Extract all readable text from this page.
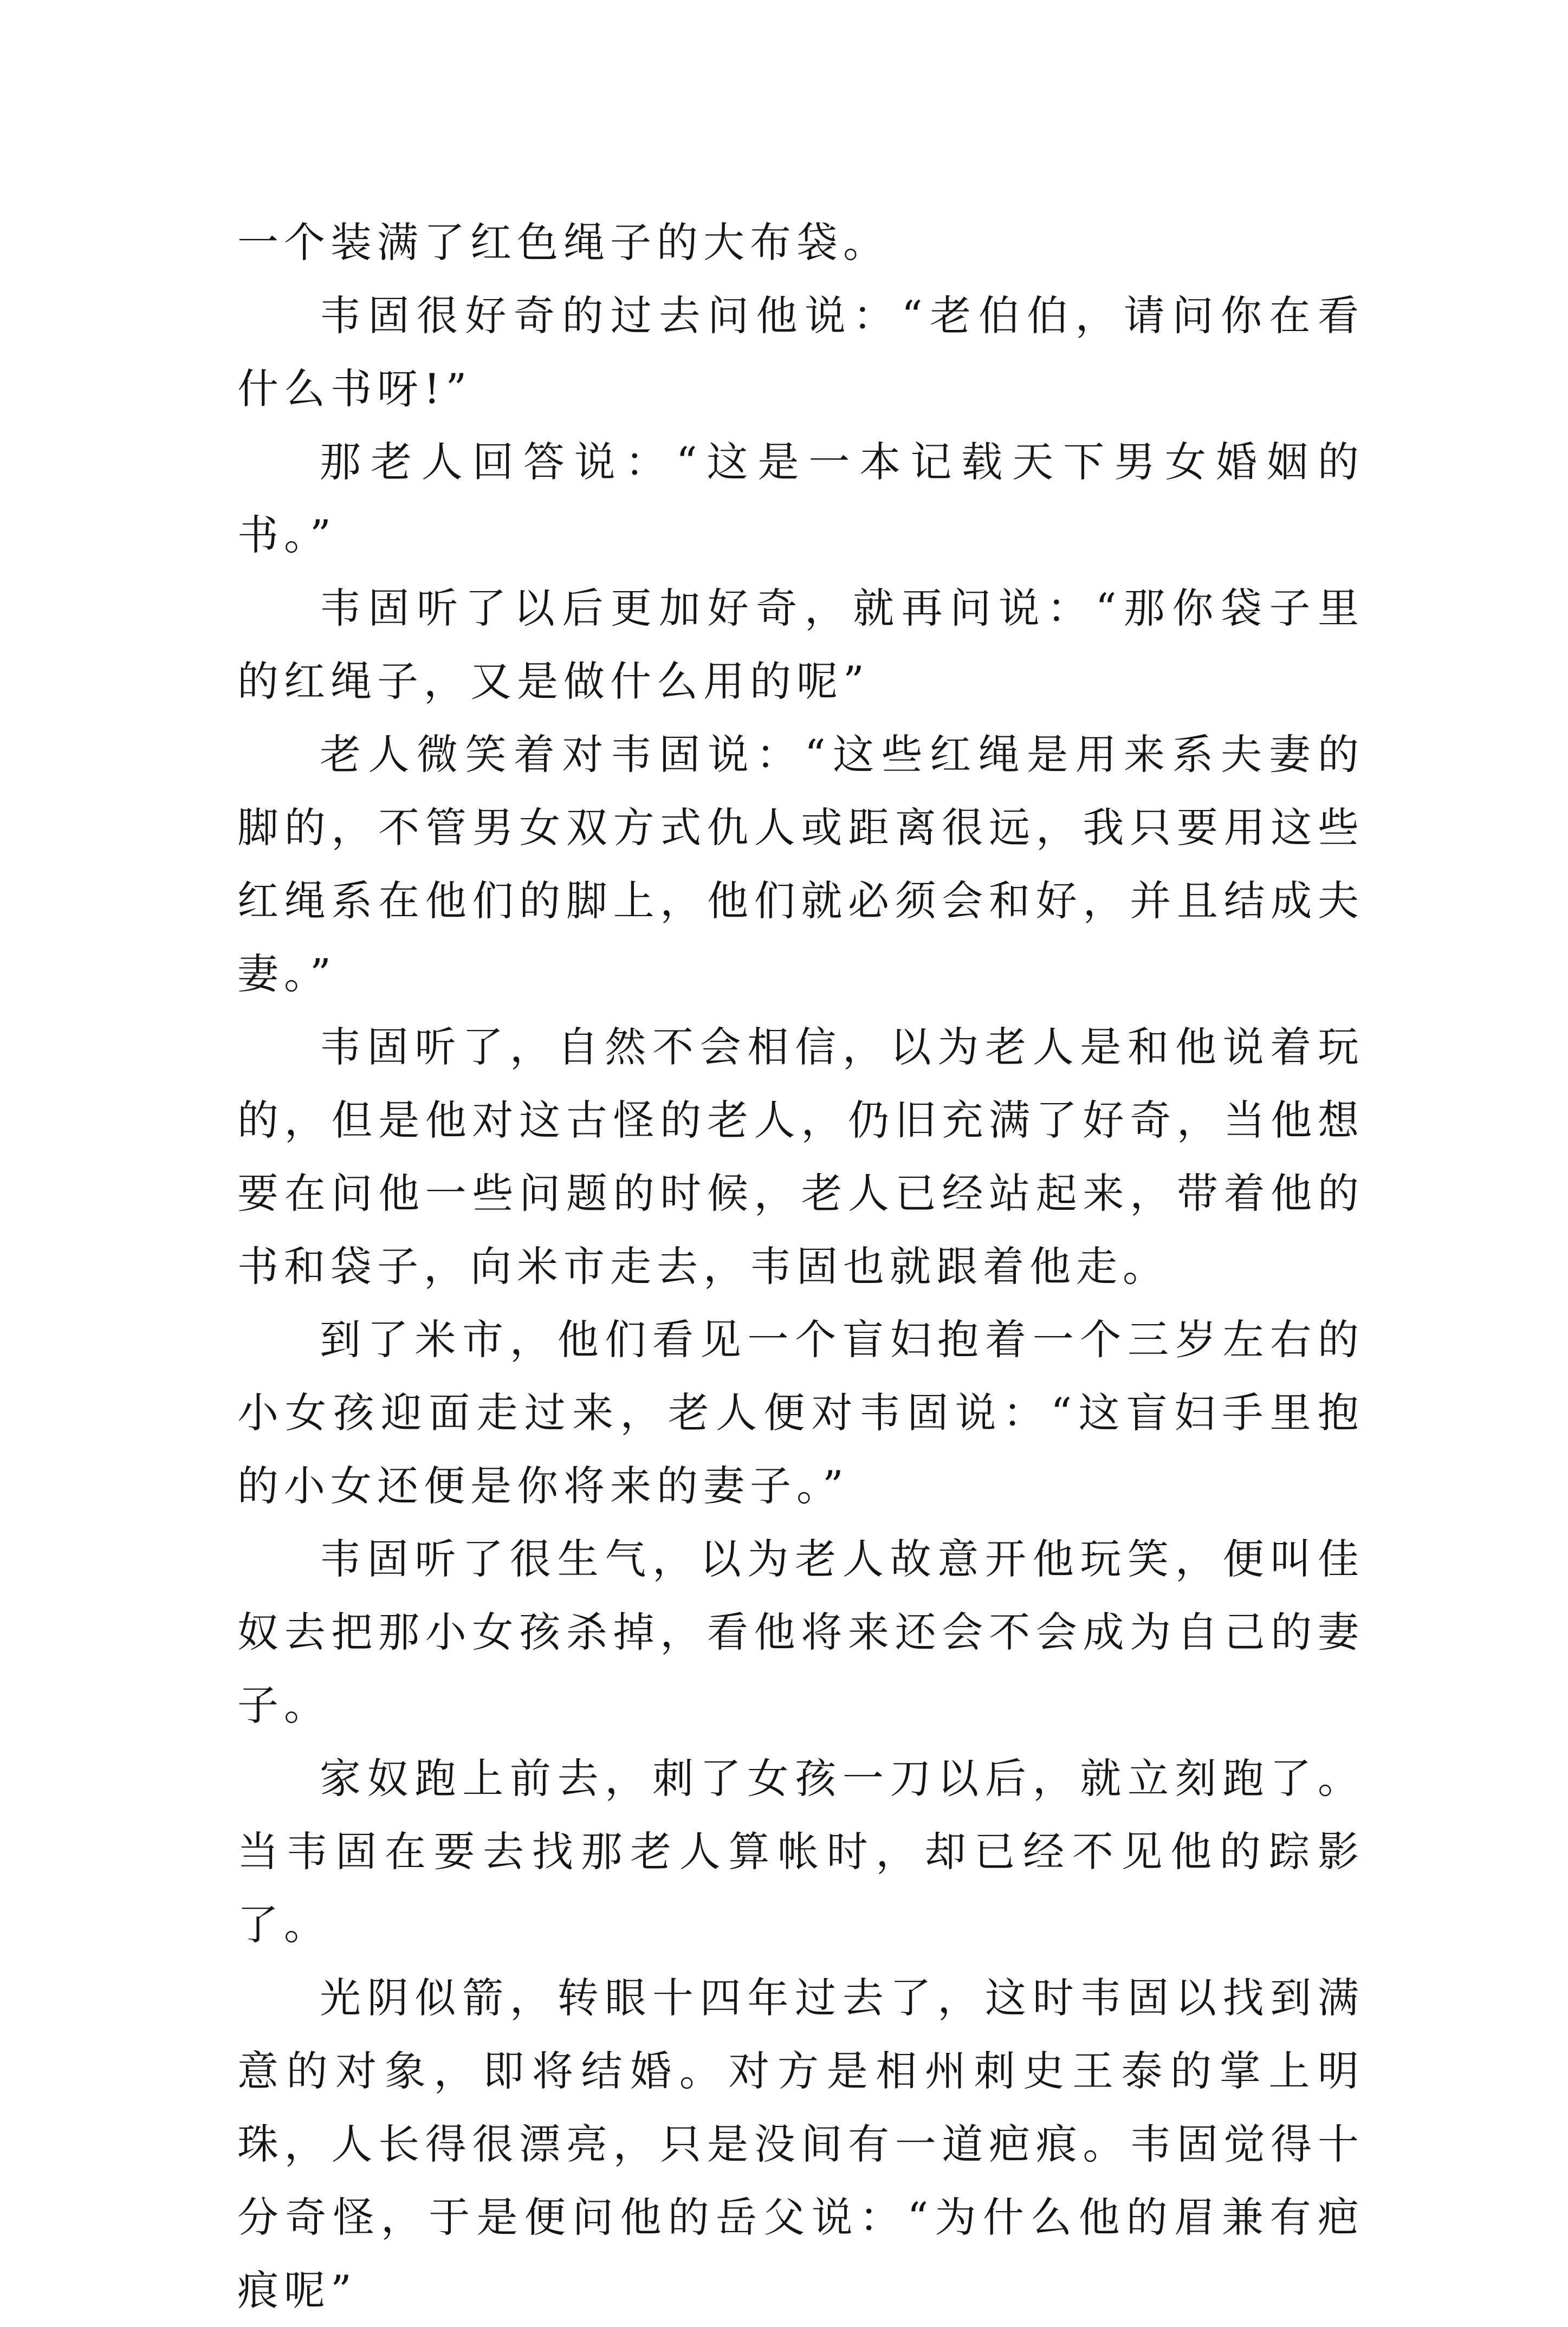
一个装满了红色绳子的大布袋。

韦固很好奇的过去问他说：“老伯伯，请问你在看什么书呀!”

那老人回答说：“这是一本记载天下男女婚姻的书。”

韦固听了以后更加好奇，就再问说：“那你袋子里的红绳子，又是做什么用的呢”

老人微笑着对韦固说：“这些红绳是用来系夫妻的脚的，不管男女双方式仇人或距离很远，我只要用这些红绳系在他们的脚上，他们就必须会和好，并且结成夫妻。”

韦固听了，自然不会相信，以为老人是和他说着玩的，但是他对这古怪的老人，仍旧充满了好奇，当他想要在问他一些问题的时候，老人已经站起来，带着他的书和袋子，向米市走去，韦固也就跟着他走。

到了米市，他们看见一个盲妇抱着一个三岁左右的小女孩迎面走过来，老人便对韦固说：“这盲妇手里抱的小女还便是你将来的妻子。”

韦固听了很生气，以为老人故意开他玩笑，便叫佳奴去把那小女孩杀掉，看他将来还会不会成为自己的妻子。

家奴跑上前去，刺了女孩一刀以后，就立刻跑了。当韦固在要去找那老人算帐时，却已经不见他的踪影了。

光阴似箭，转眼十四年过去了，这时韦固以找到满意的对象，即将结婚。对方是相州刺史王泰的掌上明珠，人长得很漂亮，只是没间有一道疤痕。韦固觉得十分奇怪，于是便问他的岳父说：“为什么他的眉兼有疤痕呢”
